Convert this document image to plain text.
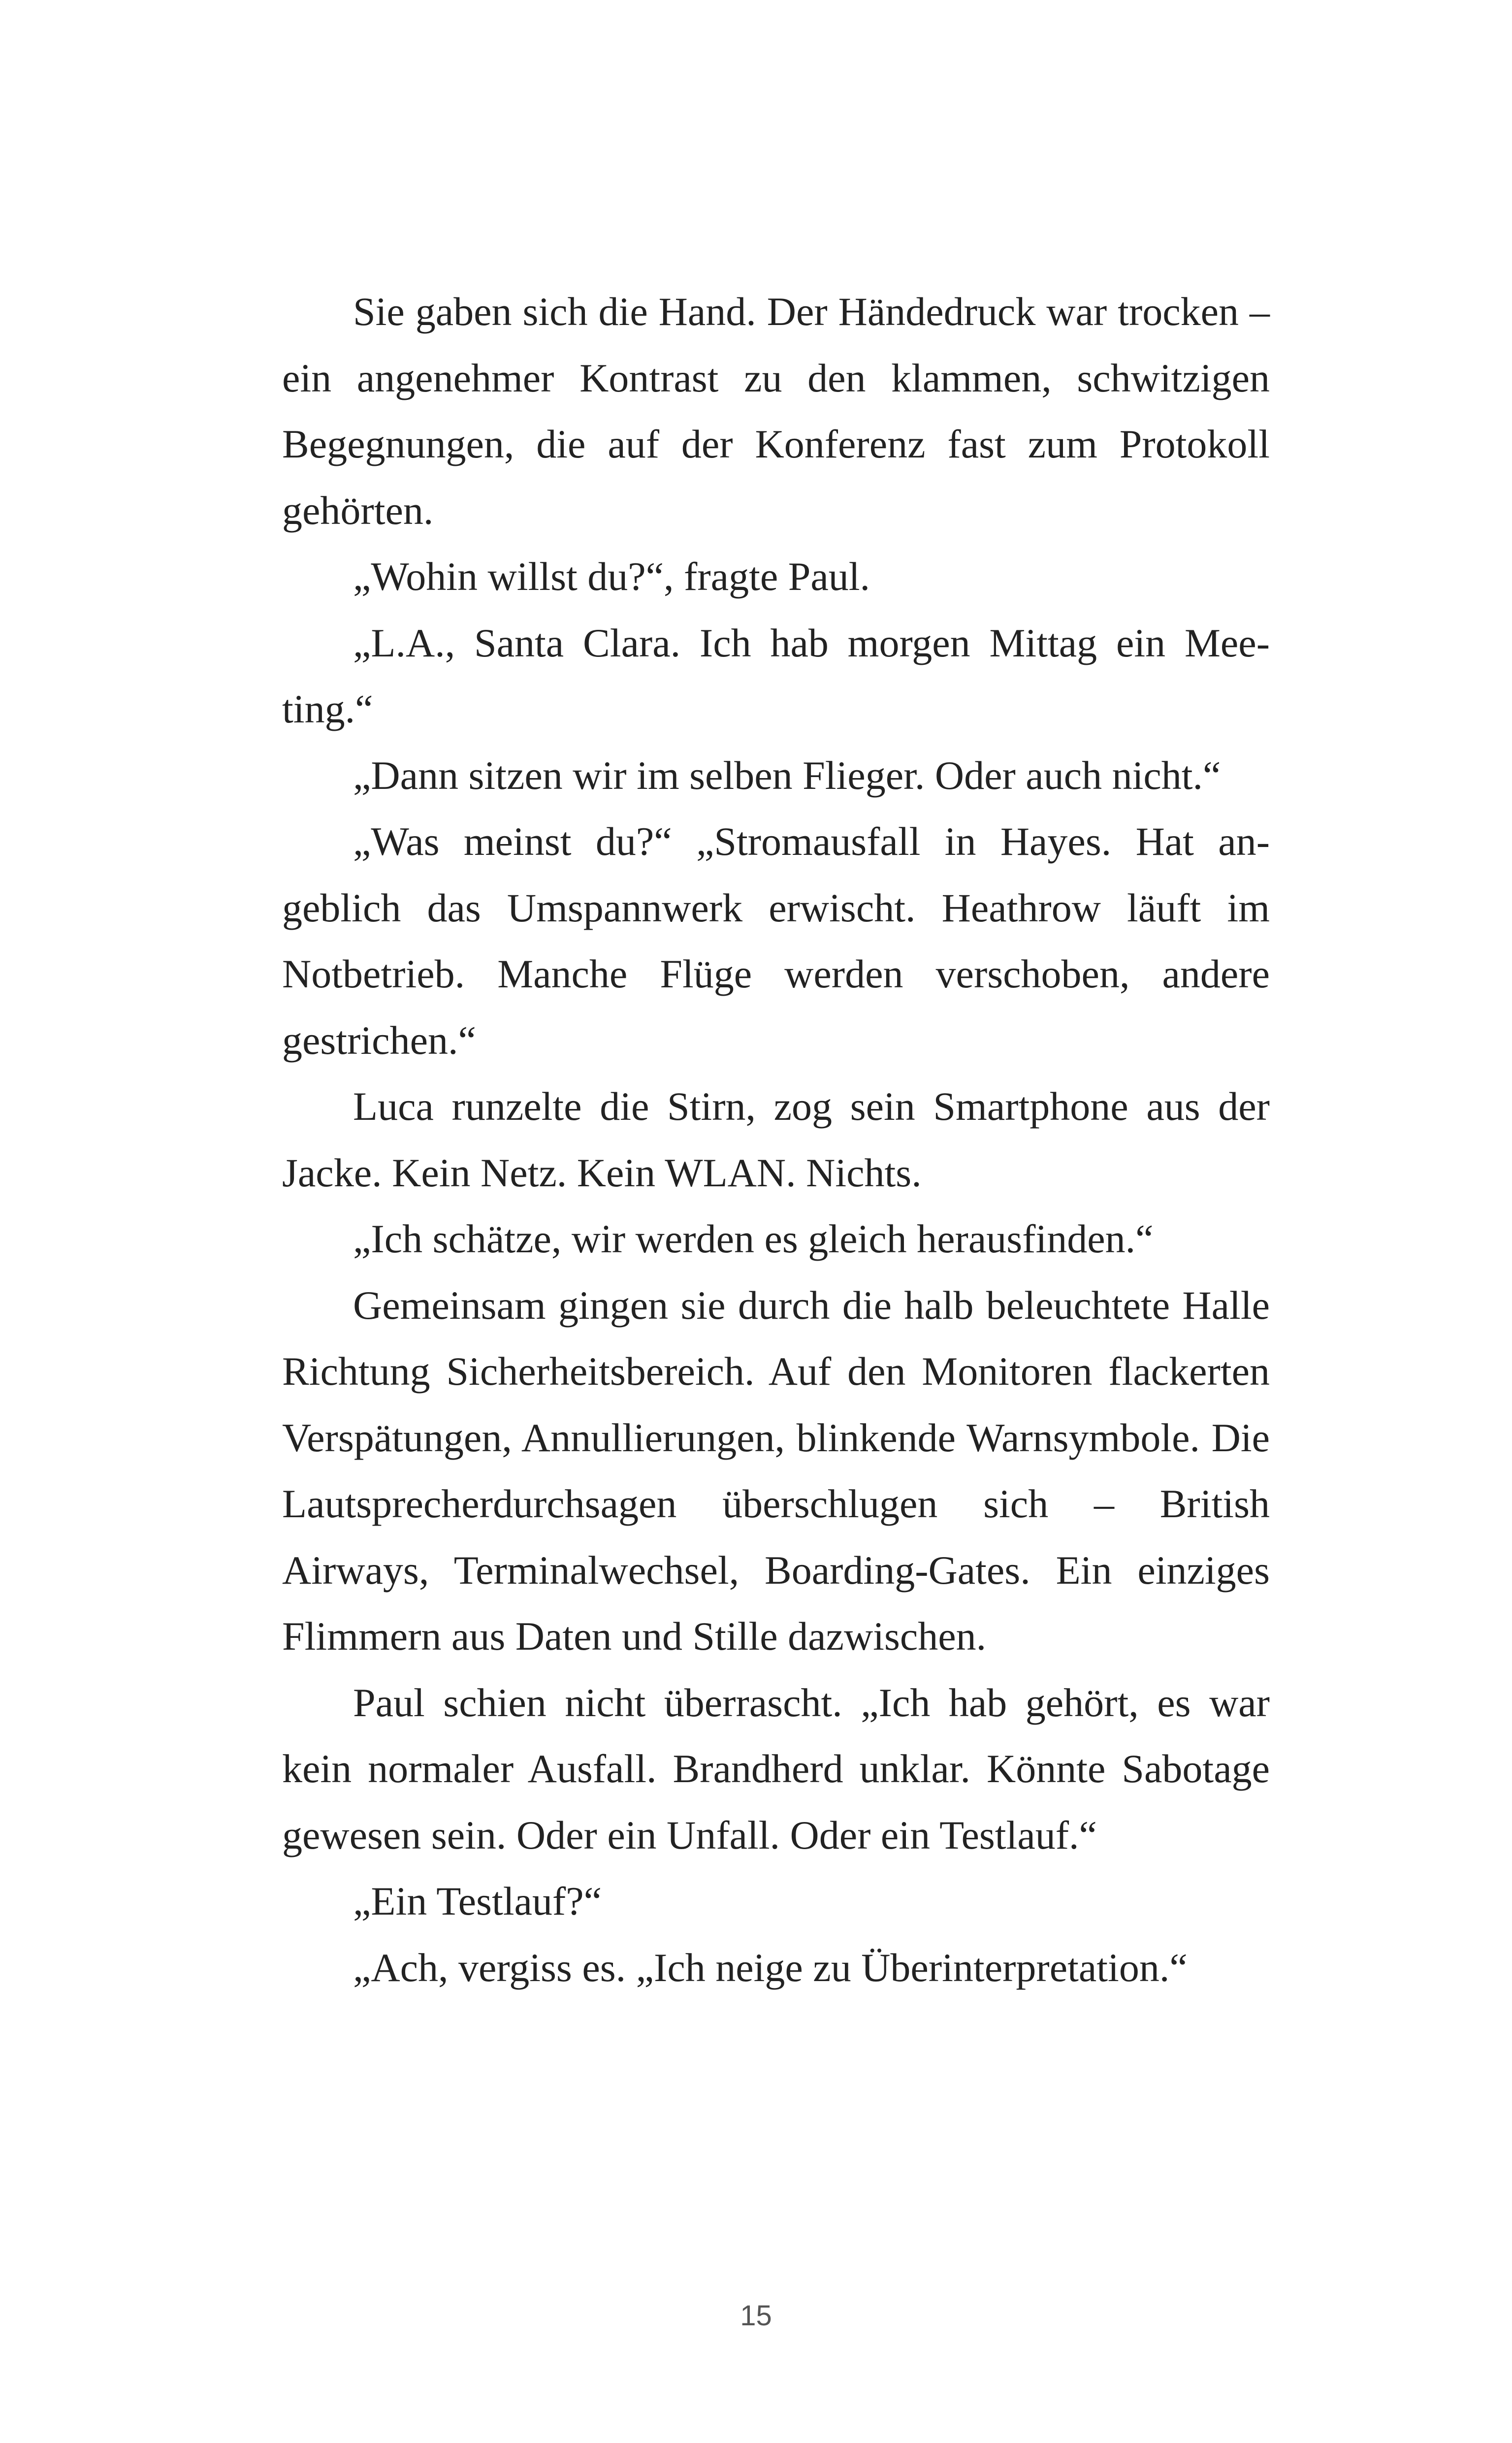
Sie gaben sich die Hand. Der Händedruck war trocken – ein angenehmer Kontrast zu den klammen, schwitzigen Begegnungen, die auf der Konferenz fast zum Protokoll gehörten.

„Wohin willst du?“, fragte Paul.

„L.A., Santa Clara. Ich hab morgen Mittag ein Meeting.“

„Dann sitzen wir im selben Flieger. Oder auch nicht.“

„Was meinst du?“ „Stromausfall in Hayes. Hat angeblich das Umspannwerk erwischt. Heathrow läuft im Notbetrieb. Manche Flüge werden verschoben, andere gestrichen.“

Luca runzelte die Stirn, zog sein Smartphone aus der Jacke. Kein Netz. Kein WLAN. Nichts.

„Ich schätze, wir werden es gleich herausfinden.“

Gemeinsam gingen sie durch die halb beleuchtete Halle Richtung Sicherheitsbereich. Auf den Monitoren flackerten Verspätungen, Annullierungen, blinkende Warnsymbole. Die Lautsprecherdurchsagen überschlugen sich – British Airways, Terminalwechsel, Boarding-Gates. Ein einziges Flimmern aus Daten und Stille dazwischen.

Paul schien nicht überrascht. „Ich hab gehört, es war kein normaler Ausfall. Brandherd unklar. Könnte Sabotage gewesen sein. Oder ein Unfall. Oder ein Testlauf.“

„Ein Testlauf?“

„Ach, vergiss es. „Ich neige zu Überinterpretation.“

15
